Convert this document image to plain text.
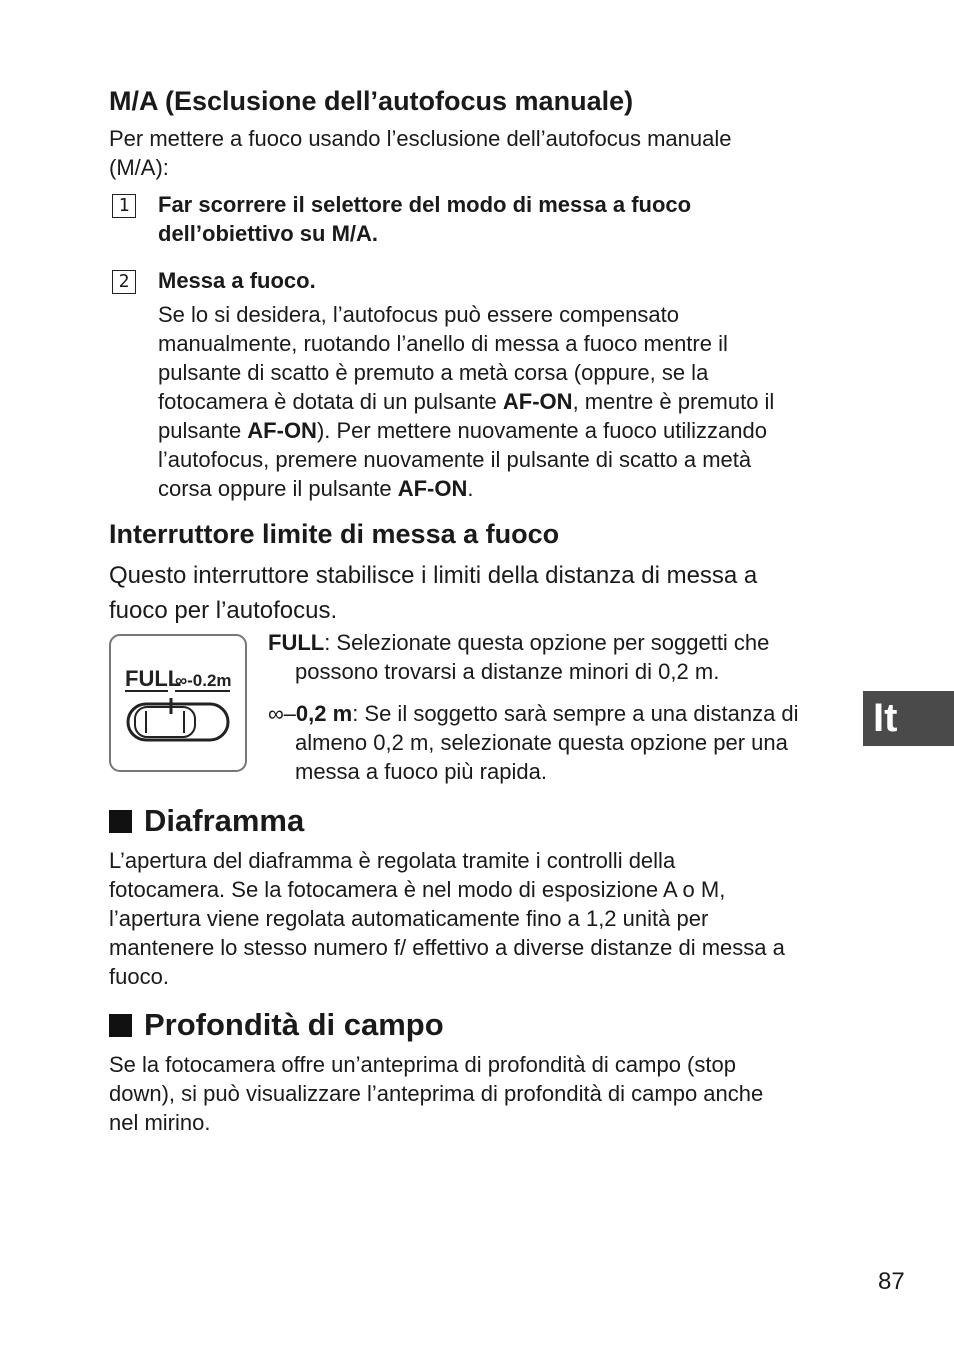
M/A (Esclusione dell’autofocus manuale)
Per mettere a fuoco usando l’esclusione dell’autofocus manuale
(M/A):
1 Far scorrere il selettore del modo di messa a fuoco
dell’obiettivo su M/A.
2 Messa a fuoco.
Se lo si desidera, l’autofocus può essere compensato
manualmente, ruotando l’anello di messa a fuoco mentre il
pulsante di scatto è premuto a metà corsa (oppure, se la
fotocamera è dotata di un pulsante AF-ON, mentre è premuto il
pulsante AF-ON). Per mettere nuovamente a fuoco utilizzando
l’autofocus, premere nuovamente il pulsante di scatto a metà
corsa oppure il pulsante AF-ON.
Interruttore limite di messa a fuoco
Questo interruttore stabilisce i limiti della distanza di messa a
fuoco per l’autofocus.
FULL
∞-0.2m
FULL: Selezionate questa opzione per soggetti che
possono trovarsi a distanze minori di 0,2 m.
∞–0,2 m: Se il soggetto sarà sempre a una distanza di
almeno 0,2 m, selezionate questa opzione per una
messa a fuoco più rapida.
Diaframma
L’apertura del diaframma è regolata tramite i controlli della
fotocamera. Se la fotocamera è nel modo di esposizione A o M,
l’apertura viene regolata automaticamente fino a 1,2 unità per
mantenere lo stesso numero f/ effettivo a diverse distanze di messa a
fuoco.
Profondità di campo
Se la fotocamera offre un’anteprima di profondità di campo (stop
down), si può visualizzare l’anteprima di profondità di campo anche
nel mirino.
It
87
